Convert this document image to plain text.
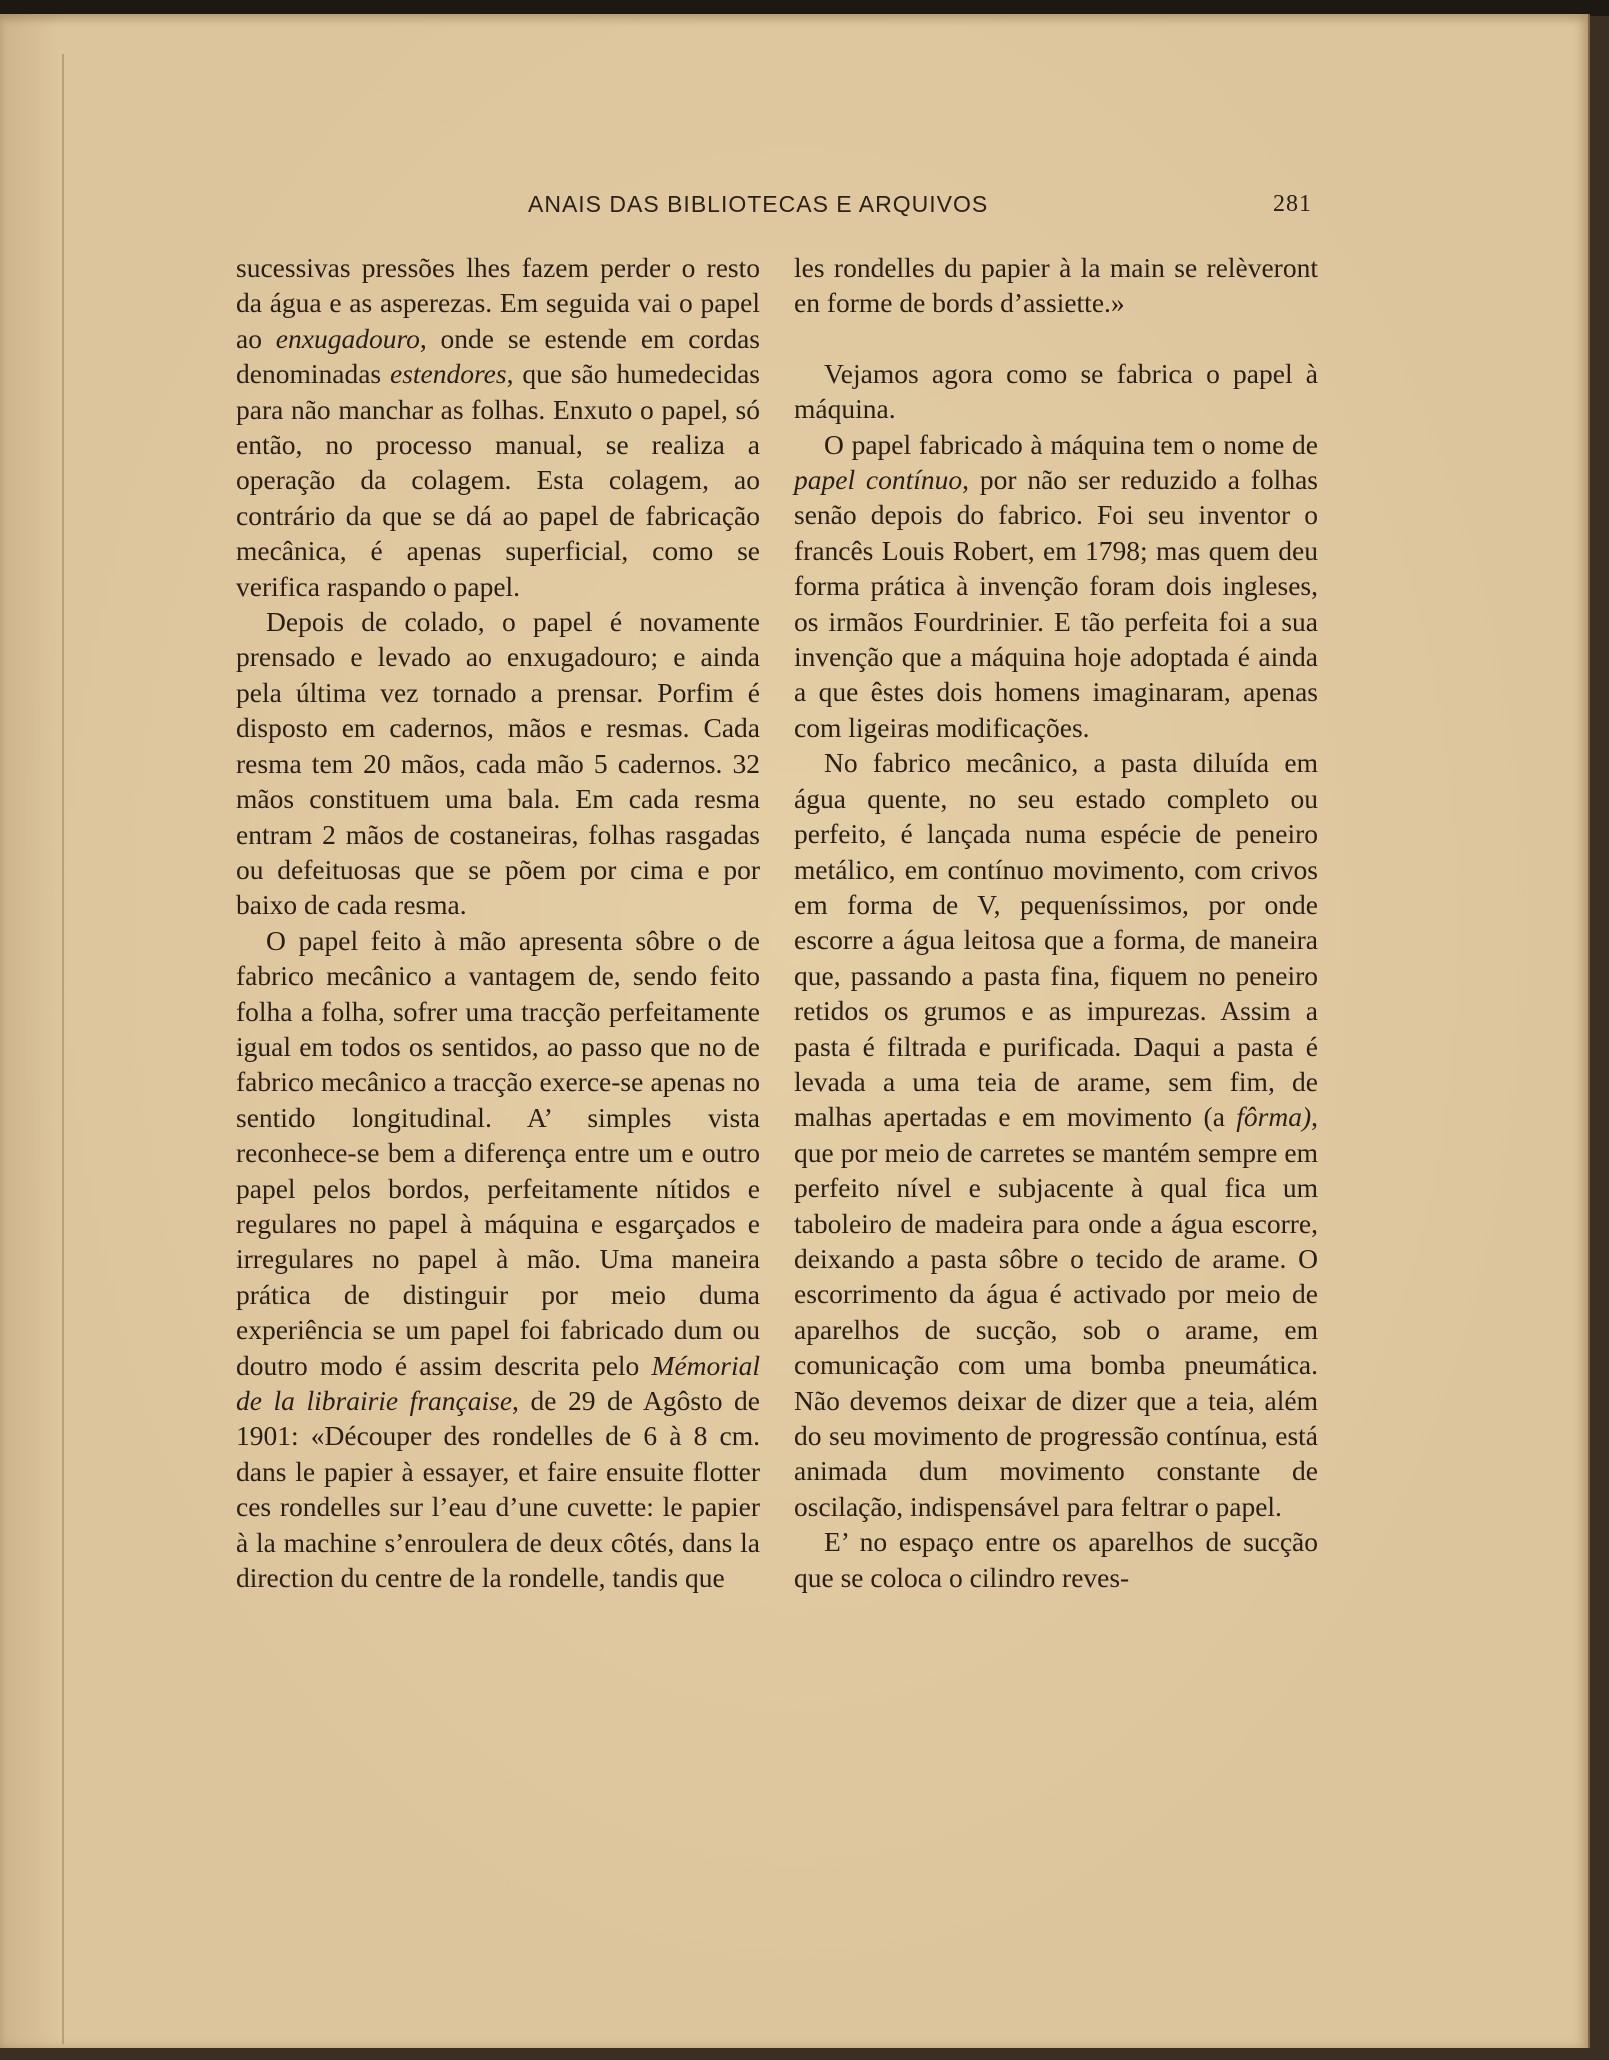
ANAIS DAS BIBLIOTECAS E ARQUIVOS	281

sucessivas pressões lhes fazem perder o resto da água e as asperezas. Em seguida vai o papel ao enxugadouro, onde se estende em cordas denominadas estendores, que são humedecidas para não manchar as folhas. Enxuto o papel, só então, no processo manual, se realiza a operação da colagem. Esta colagem, ao contrário da que se dá ao papel de fabricação mecânica, é apenas superficial, como se verifica raspando o papel.

Depois de colado, o papel é novamente prensado e levado ao enxugadouro; e ainda pela última vez tornado a prensar. Porfim é disposto em cadernos, mãos e resmas. Cada resma tem 20 mãos, cada mão 5 cadernos. 32 mãos constituem uma bala. Em cada resma entram 2 mãos de costaneiras, folhas rasgadas ou defeituosas que se põem por cima e por baixo de cada resma.

O papel feito à mão apresenta sôbre o de fabrico mecânico a vantagem de, sendo feito folha a folha, sofrer uma tracção perfeitamente igual em todos os sentidos, ao passo que no de fabrico mecânico a tracção exerce-se apenas no sentido longitudinal. A’ simples vista reconhece-se bem a diferença entre um e outro papel pelos bordos, perfeitamente nítidos e regulares no papel à máquina e esgarçados e irregulares no papel à mão. Uma maneira prática de distinguir por meio duma experiência se um papel foi fabricado dum ou doutro modo é assim descrita pelo Mémorial de la librairie française, de 29 de Agôsto de 1901: «Découper des rondelles de 6 à 8 cm. dans le papier à essayer, et faire ensuite flotter ces rondelles sur l’eau d’une cuvette: le papier à la machine s’enroulera de deux côtés, dans la direction du centre de la rondelle, tandis que

les rondelles du papier à la main se relèveront en forme de bords d’assiette.»

Vejamos agora como se fabrica o papel à máquina.

O papel fabricado à máquina tem o nome de papel contínuo, por não ser reduzido a folhas senão depois do fabrico. Foi seu inventor o francês Louis Robert, em 1798; mas quem deu forma prática à invenção foram dois ingleses, os irmãos Fourdrinier. E tão perfeita foi a sua invenção que a máquina hoje adoptada é ainda a que êstes dois homens imaginaram, apenas com ligeiras modificações.

No fabrico mecânico, a pasta diluída em água quente, no seu estado completo ou perfeito, é lançada numa espécie de peneiro metálico, em contínuo movimento, com crivos em forma de V, pequeníssimos, por onde escorre a água leitosa que a forma, de maneira que, passando a pasta fina, fiquem no peneiro retidos os grumos e as impurezas. Assim a pasta é filtrada e purificada. Daqui a pasta é levada a uma teia de arame, sem fim, de malhas apertadas e em movimento (a fôrma), que por meio de carretes se mantém sempre em perfeito nível e subjacente à qual fica um taboleiro de madeira para onde a água escorre, deixando a pasta sôbre o tecido de arame. O escorrimento da água é activado por meio de aparelhos de sucção, sob o arame, em comunicação com uma bomba pneumática. Não devemos deixar de dizer que a teia, além do seu movimento de progressão contínua, está animada dum movimento constante de oscilação, indispensável para feltrar o papel.

E’ no espaço entre os aparelhos de sucção que se coloca o cilindro reves-
